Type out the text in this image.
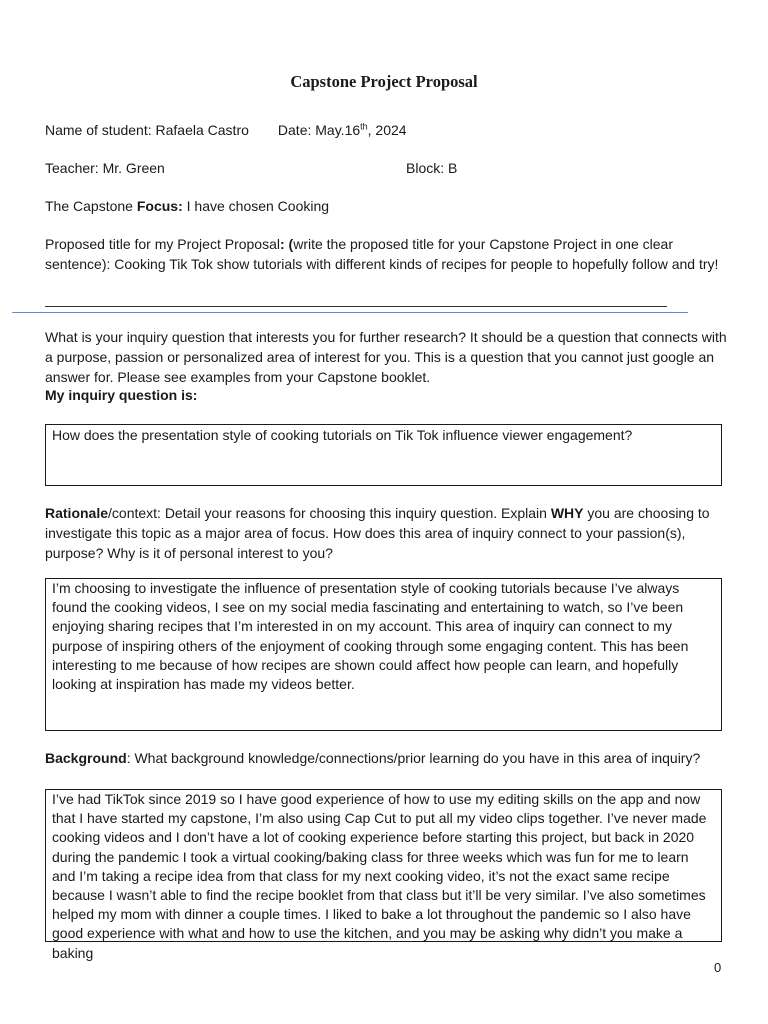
Capstone Project Proposal
Name of student: Rafaela Castro Date: May.16th, 2024
Teacher: Mr. Green	Block: B
The Capstone Focus: I have chosen Cooking
Proposed title for my Project Proposal: (write the proposed title for your Capstone Project in one clear sentence): Cooking Tik Tok show tutorials with different kinds of recipes for people to hopefully follow and try!
What is your inquiry question that interests you for further research? It should be a question that connects with a purpose, passion or personalized area of interest for you. This is a question that you cannot just google an answer for. Please see examples from your Capstone booklet.
My inquiry question is:
How does the presentation style of cooking tutorials on Tik Tok influence viewer engagement?
Rationale/context: Detail your reasons for choosing this inquiry question. Explain WHY you are choosing to investigate this topic as a major area of focus. How does this area of inquiry connect to your passion(s), purpose? Why is it of personal interest to you?
I’m choosing to investigate the influence of presentation style of cooking tutorials because I’ve always found the cooking videos, I see on my social media fascinating and entertaining to watch, so I’ve been enjoying sharing recipes that I’m interested in on my account. This area of inquiry can connect to my purpose of inspiring others of the enjoyment of cooking through some engaging content. This has been interesting to me because of how recipes are shown could affect how people can learn, and hopefully looking at inspiration has made my videos better.
Background: What background knowledge/connections/prior learning do you have in this area of inquiry?
I’ve had TikTok since 2019 so I have good experience of how to use my editing skills on the app and now that I have started my capstone, I’m also using Cap Cut to put all my video clips together. I’ve never made cooking videos and I don’t have a lot of cooking experience before starting this project, but back in 2020 during the pandemic I took a virtual cooking/baking class for three weeks which was fun for me to learn and I’m taking a recipe idea from that class for my next cooking video, it’s not the exact same recipe because I wasn’t able to find the recipe booklet from that class but it’ll be very similar. I’ve also sometimes helped my mom with dinner a couple times. I liked to bake a lot throughout the pandemic so I also have good experience with what and how to use the kitchen, and you may be asking why didn’t you make a baking
0
